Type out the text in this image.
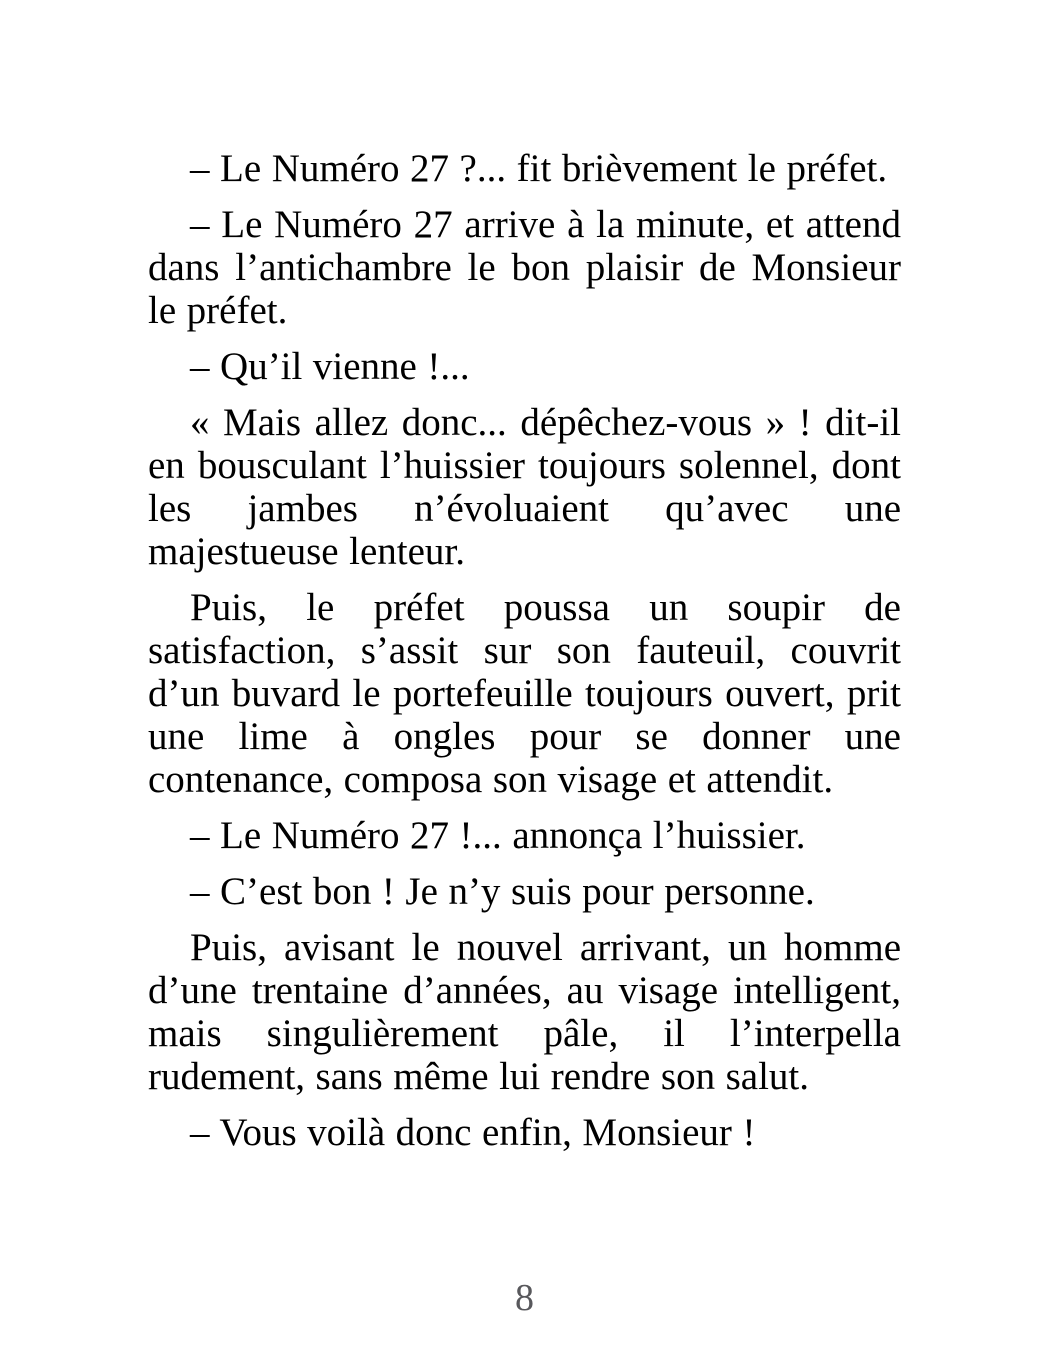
– Le Numéro 27 ?... fit brièvement le préfet.

– Le Numéro 27 arrive à la minute, et attend dans l’antichambre le bon plaisir de Monsieur le préfet.

– Qu’il vienne !...

« Mais allez donc... dépêchez-vous » ! dit-il en bousculant l’huissier toujours solennel, dont les jambes n’évoluaient qu’avec une majestueuse lenteur.

Puis, le préfet poussa un soupir de satisfaction, s’assit sur son fauteuil, couvrit d’un buvard le portefeuille toujours ouvert, prit une lime à ongles pour se donner une contenance, composa son visage et attendit.

– Le Numéro 27 !... annonça l’huissier.

– C’est bon ! Je n’y suis pour personne.

Puis, avisant le nouvel arrivant, un homme d’une trentaine d’années, au visage intelligent, mais singulièrement pâle, il l’interpella rudement, sans même lui rendre son salut.

– Vous voilà donc enfin, Monsieur !

8
